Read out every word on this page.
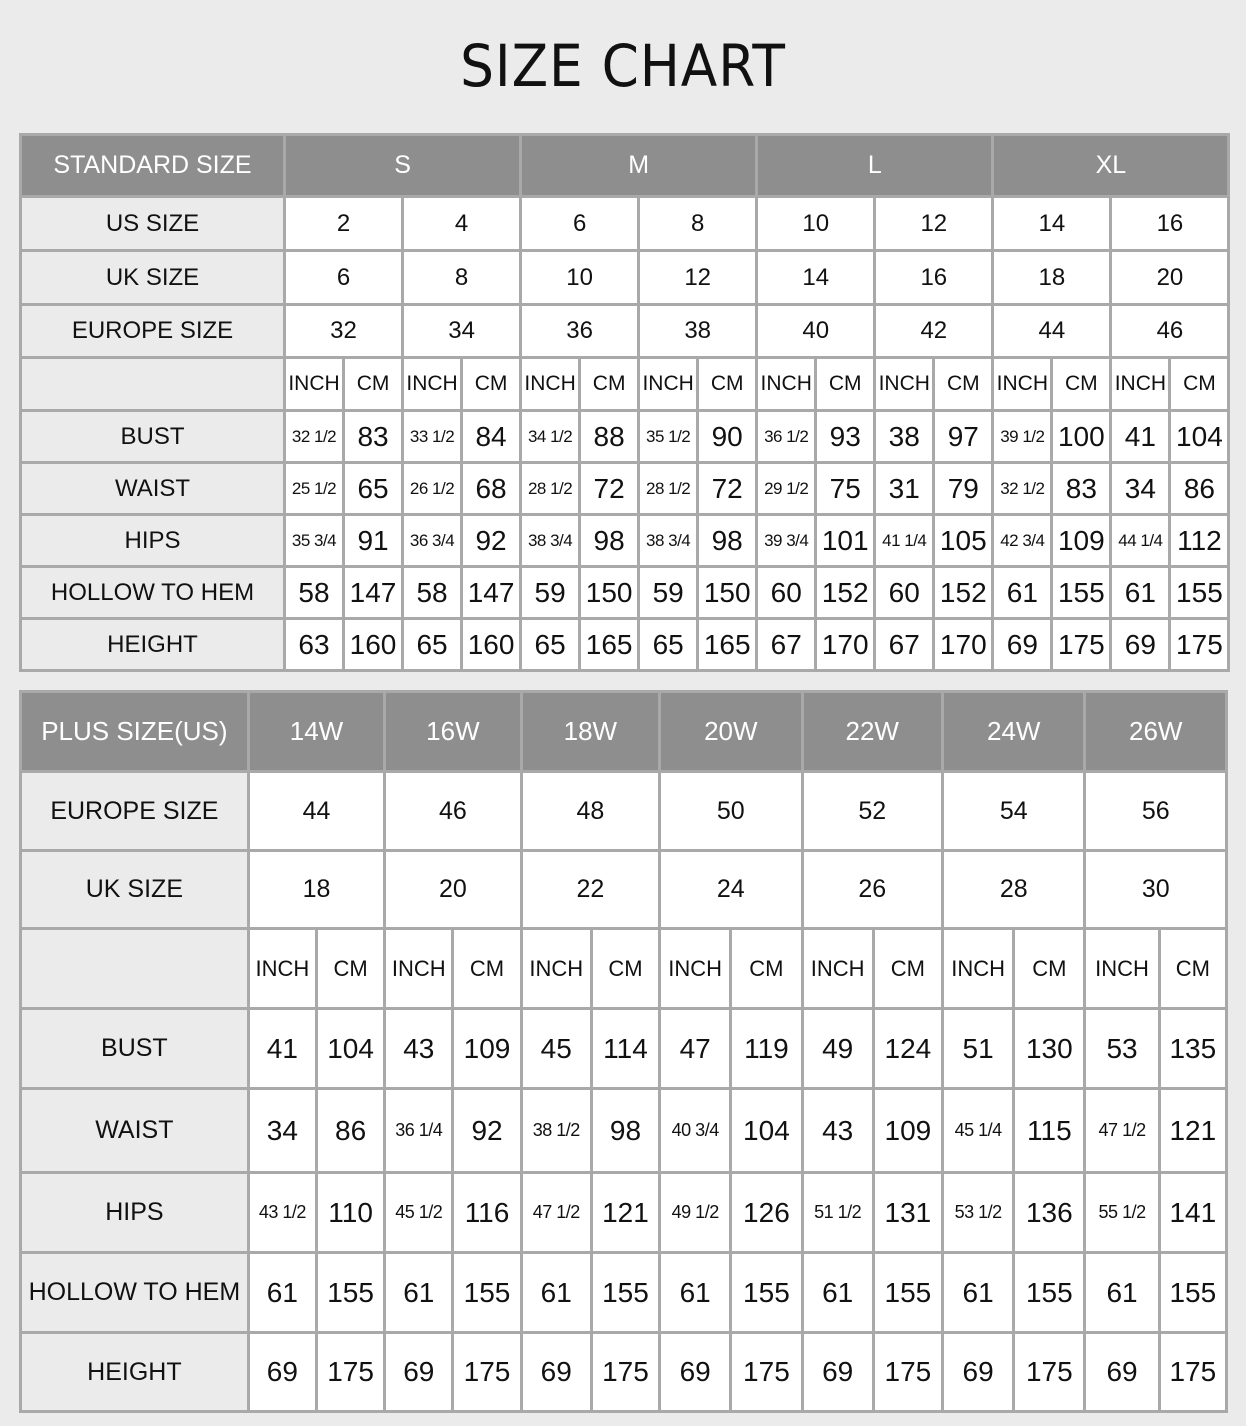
SIZE CHART
STANDARD SIZE	S				M				L				XL			
US SIZE	2		4		6		8		10		12		14		16	
UK SIZE	6		8		10		12		14		16		18		20	
EUROPE SIZE	32		34		36		38		40		42		44		46	
	INCH	CM	INCH	CM	INCH	CM	INCH	CM	INCH	CM	INCH	CM	INCH	CM	INCH	CM
BUST	32 1/2	83	33 1/2	84	34 1/2	88	35 1/2	90	36 1/2	93	38	97	39 1/2	100	41	104
WAIST	25 1/2	65	26 1/2	68	28 1/2	72	28 1/2	72	29 1/2	75	31	79	32 1/2	83	34	86
HIPS	35 3/4	91	36 3/4	92	38 3/4	98	38 3/4	98	39 3/4	101	41 1/4	105	42 3/4	109	44 1/4	112
HOLLOW TO HEM	58	147	58	147	59	150	59	150	60	152	60	152	61	155	61	155
HEIGHT	63	160	65	160	65	165	65	165	67	170	67	170	69	175	69	175
PLUS SIZE(US)	14W		16W		18W		20W		22W		24W		26W	
EUROPE SIZE	44		46		48		50		52		54		56	
UK SIZE	18		20		22		24		26		28		30	
	INCH	CM	INCH	CM	INCH	CM	INCH	CM	INCH	CM	INCH	CM	INCH	CM
BUST	41	104	43	109	45	114	47	119	49	124	51	130	53	135
WAIST	34	86	36 1/4	92	38 1/2	98	40 3/4	104	43	109	45 1/4	115	47 1/2	121
HIPS	43 1/2	110	45 1/2	116	47 1/2	121	49 1/2	126	51 1/2	131	53 1/2	136	55 1/2	141
HOLLOW TO HEM	61	155	61	155	61	155	61	155	61	155	61	155	61	155
HEIGHT	69	175	69	175	69	175	69	175	69	175	69	175	69	175
